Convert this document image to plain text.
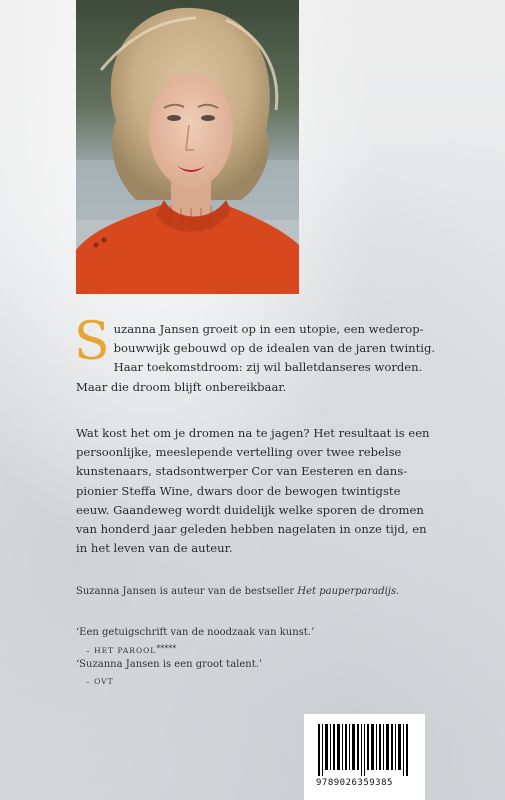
Suzanna Jansen groeit op in een utopie, een wederop-bouwwijk gebouwd op de idealen van de jaren twintig. Haar toekomstdroom: zij wil balletdanseres worden. Maar die droom blijft onbereikbaar.

Wat kost het om je dromen na te jagen? Het resultaat is een persoonlijke, meeslepende vertelling over twee rebelse kunstenaars, stadsontwerper Cor van Eesteren en dans-pionier Steffa Wine, dwars door de bewogen twintigste eeuw. Gaandeweg wordt duidelijk welke sporen de dromen van honderd jaar geleden hebben nagelaten in onze tijd, en in het leven van de auteur.

Suzanna Jansen is auteur van de bestseller Het pauperparadijs.

‘Een getuigschrift van de noodzaak van kunst.’

– HET PAROOL*****

‘Suzanna Jansen is een groot talent.’

– OVT

9789026359385
